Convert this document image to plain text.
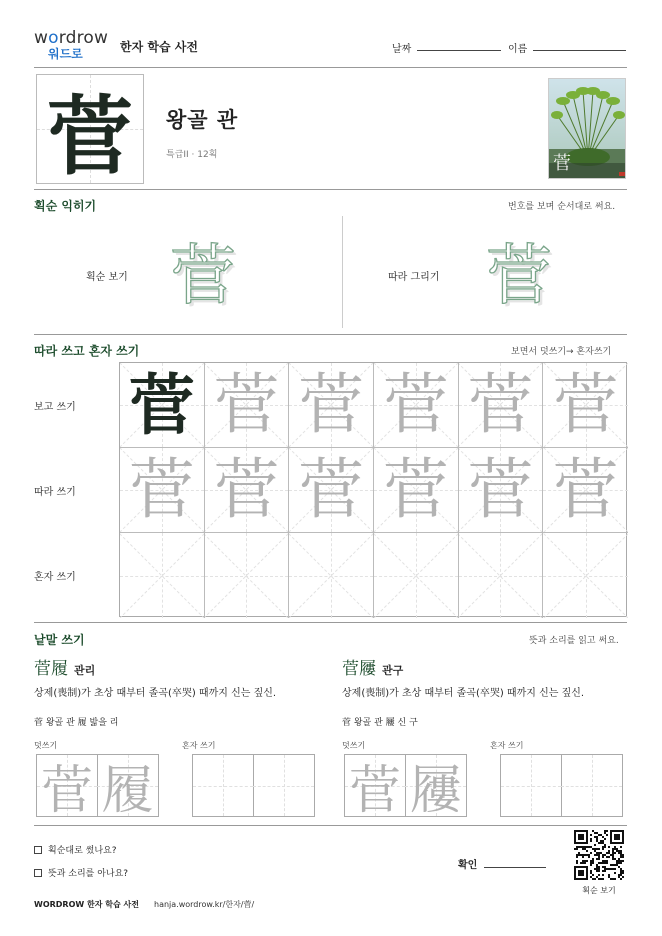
wordrow
워드로	한자 학습 사전	날짜	이름
菅	왕골 관
특급II · 12획	菅
획순 익히기	번호를 보며 순서대로 써요.
획순 보기 菅	따라 그리기 菅
따라 쓰고 혼자 쓰기	보면서 덧쓰기→ 혼자쓰기
보고 쓰기
따라 쓰기
혼자 쓰기
菅 菅 菅 菅 菅 菅
菅 菅 菅 菅 菅 菅
낱말 쓰기	뜻과 소리를 읽고 써요.
菅履 관리
상제(喪制)가 초상 때부터 졸곡(卒哭) 때까지 신는 짚신.
菅 왕골 관 履 밟을 리
덧쓰기	혼자 쓰기
菅屨 관구
상제(喪制)가 초상 때부터 졸곡(卒哭) 때까지 신는 짚신.
菅 왕골 관 屨 신 구
덧쓰기	혼자 쓰기
菅 履	菅 屨
획순대로 썼나요?
뜻과 소리를 아나요?
확인
획순 보기
WORDROW 한자 학습 사전 hanja.wordrow.kr/한자/菅/
